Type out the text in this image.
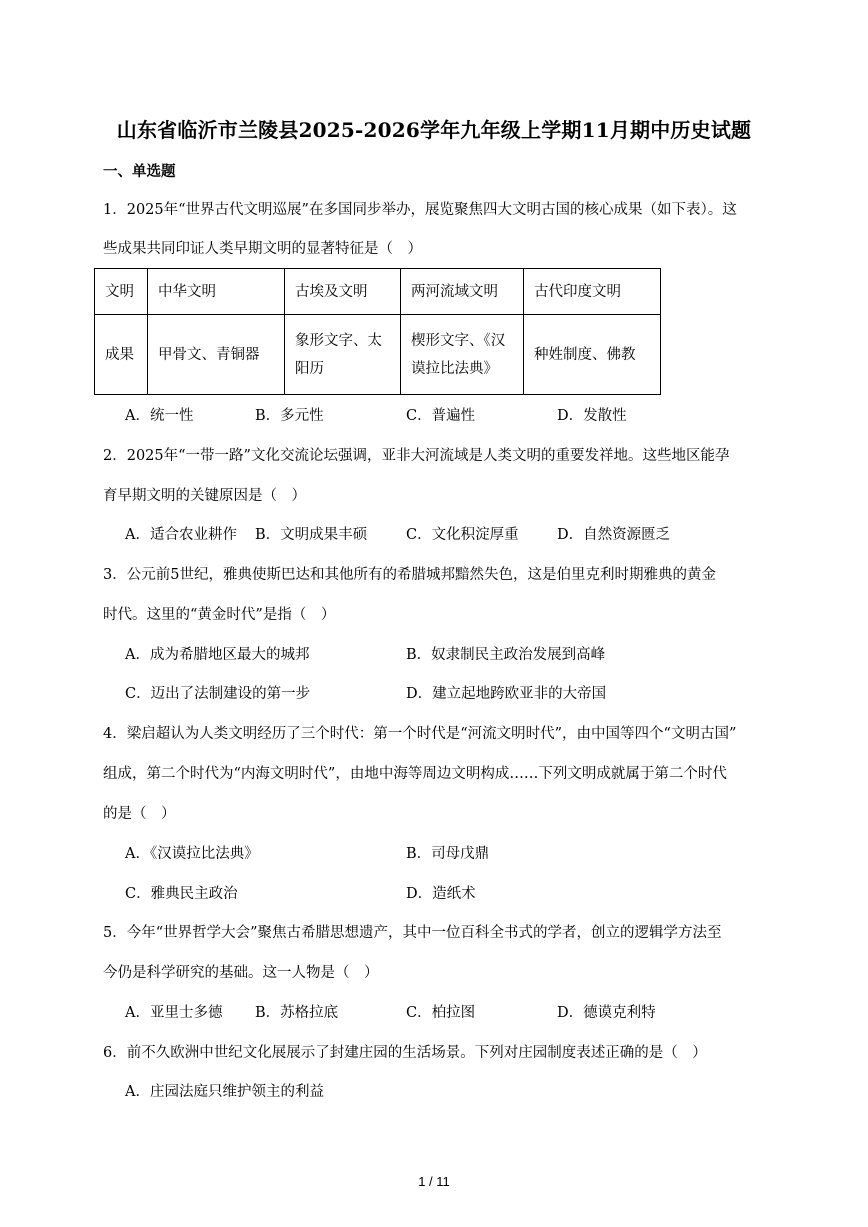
山东省临沂市兰陵县2025-2026学年九年级上学期11月期中历史试题
一、单选题
1．2025年“世界古代文明巡展”在多国同步举办，展览聚焦四大文明古国的核心成果（如下表）。这
些成果共同印证人类早期文明的显著特征是（　）
文明	中华文明	古埃及文明	两河流域文明	古代印度文明
成果	甲骨文、青铜器	象形文字、太阳历	楔形文字、《汉谟拉比法典》	种姓制度、佛教
A．统一性	B．多元性	C．普遍性	D．发散性
2．2025年“一带一路”文化交流论坛强调，亚非大河流域是人类文明的重要发祥地。这些地区能孕
育早期文明的关键原因是（　）
A．适合农业耕作 B．文明成果丰硕	C．文化积淀厚重	D．自然资源匮乏
3．公元前5世纪，雅典使斯巴达和其他所有的希腊城邦黯然失色，这是伯里克利时期雅典的黄金
时代。这里的“黄金时代”是指（　）
A．成为希腊地区最大的城邦	B．奴隶制民主政治发展到高峰
C．迈出了法制建设的第一步	D．建立起地跨欧亚非的大帝国
4．梁启超认为人类文明经历了三个时代：第一个时代是“河流文明时代”，由中国等四个“文明古国”
组成，第二个时代为“内海文明时代”，由地中海等周边文明构成……下列文明成就属于第二个时代
的是（　）
A．《汉谟拉比法典》	B．司母戊鼎
C．雅典民主政治	D．造纸术
5．今年“世界哲学大会”聚焦古希腊思想遗产，其中一位百科全书式的学者，创立的逻辑学方法至
今仍是科学研究的基础。这一人物是（　）
A．亚里士多德 B．苏格拉底	C．柏拉图	D．德谟克利特
6．前不久欧洲中世纪文化展展示了封建庄园的生活场景。下列对庄园制度表述正确的是（　）
A．庄园法庭只维护领主的利益
1 / 11
